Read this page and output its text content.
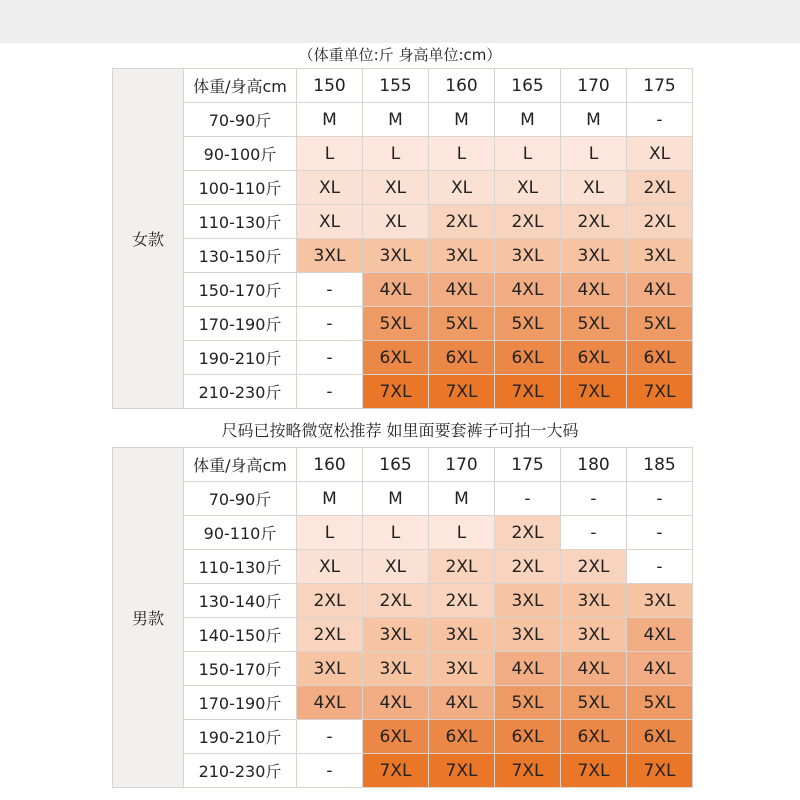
（体重单位:斤 身高单位:cm）
女款	体重/身高cm	150	155	160	165	170	175
	70-90斤	M	M	M	M	M	-
	90-100斤	L	L	L	L	L	XL
	100-110斤	XL	XL	XL	XL	XL	2XL
	110-130斤	XL	XL	2XL	2XL	2XL	2XL
	130-150斤	3XL	3XL	3XL	3XL	3XL	3XL
	150-170斤	-	4XL	4XL	4XL	4XL	4XL
	170-190斤	-	5XL	5XL	5XL	5XL	5XL
	190-210斤	-	6XL	6XL	6XL	6XL	6XL
	210-230斤	-	7XL	7XL	7XL	7XL	7XL
尺码已按略微宽松推荐 如里面要套裤子可拍一大码
男款	体重/身高cm	160	165	170	175	180	185
	70-90斤	M	M	M	-	-	-
	90-110斤	L	L	L	2XL	-	-
	110-130斤	XL	XL	2XL	2XL	2XL	-
	130-140斤	2XL	2XL	2XL	3XL	3XL	3XL
	140-150斤	2XL	3XL	3XL	3XL	3XL	4XL
	150-170斤	3XL	3XL	3XL	4XL	4XL	4XL
	170-190斤	4XL	4XL	4XL	5XL	5XL	5XL
	190-210斤	-	6XL	6XL	6XL	6XL	6XL
	210-230斤	-	7XL	7XL	7XL	7XL	7XL
